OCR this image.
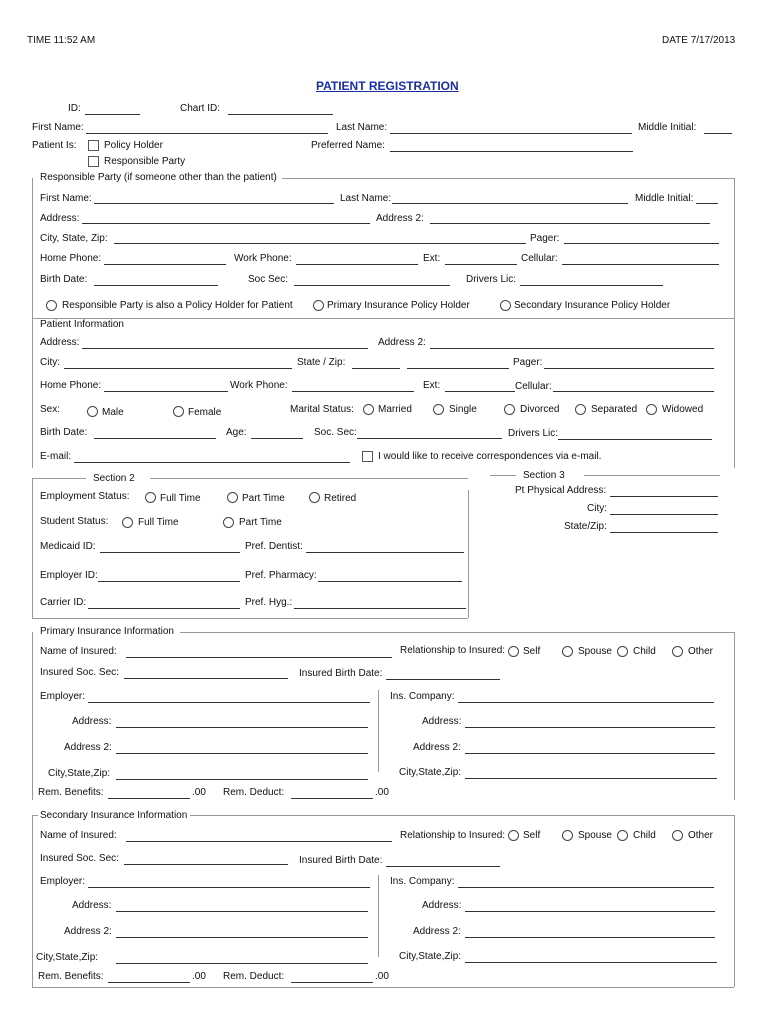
TIME 11:52 AM	DATE 7/17/2013
PATIENT REGISTRATION
ID:	Chart ID:
First Name:	Last Name:	Middle Initial:
Patient Is:	Policy Holder
Responsible Party
Preferred Name:
Responsible Party (if someone other than the patient)
First Name:	Last Name:	Middle Initial:
Address:	Address 2:
City, State, Zip:	Pager:
Home Phone:	Work Phone:	Ext:	Cellular:
Birth Date:	Soc Sec:	Drivers Lic:
Responsible Party is also a Policy Holder for Patient	Primary Insurance Policy Holder	Secondary Insurance Policy Holder
Patient Information
Address:	Address 2:
City:	State / Zip:	Pager:
Home Phone:	Work Phone:	Ext:	Cellular:
Sex:	Male	Female	Marital Status: Married	Single	Divorced	Separated Widowed
Birth Date:	Age:	Soc. Sec:	Drivers Lic:
E-mail:	I would like to receive correspondences via e-mail.
Section 2
Employment Status:	Full Time	Part Time	Retired
Student Status:	Full Time	Part Time
Medicaid ID:	Pref. Dentist:
Employer ID:	Pref. Pharmacy:
Carrier ID:	Pref. Hyg.:
Section 3
Pt Physical Address:
City:
State/Zip:
Primary Insurance Information
Name of Insured:	Relationship to Insured: Self	Spouse Child	Other
Insured Soc. Sec:	Insured Birth Date:
Employer:	Ins. Company:
Address:	Address:
Address 2:	Address 2:
City,State,Zip:	City,State,Zip:
Rem. Benefits:	.00 Rem. Deduct:	.00
Secondary Insurance Information
Name of Insured:	Relationship to Insured: Self	Spouse Child	Other
Insured Soc. Sec:	Insured Birth Date:
Employer:	Ins. Company:
Address:	Address:
Address 2:	Address 2:
City,State,Zip:	City,State,Zip:
Rem. Benefits:	.00 Rem. Deduct:	.00
